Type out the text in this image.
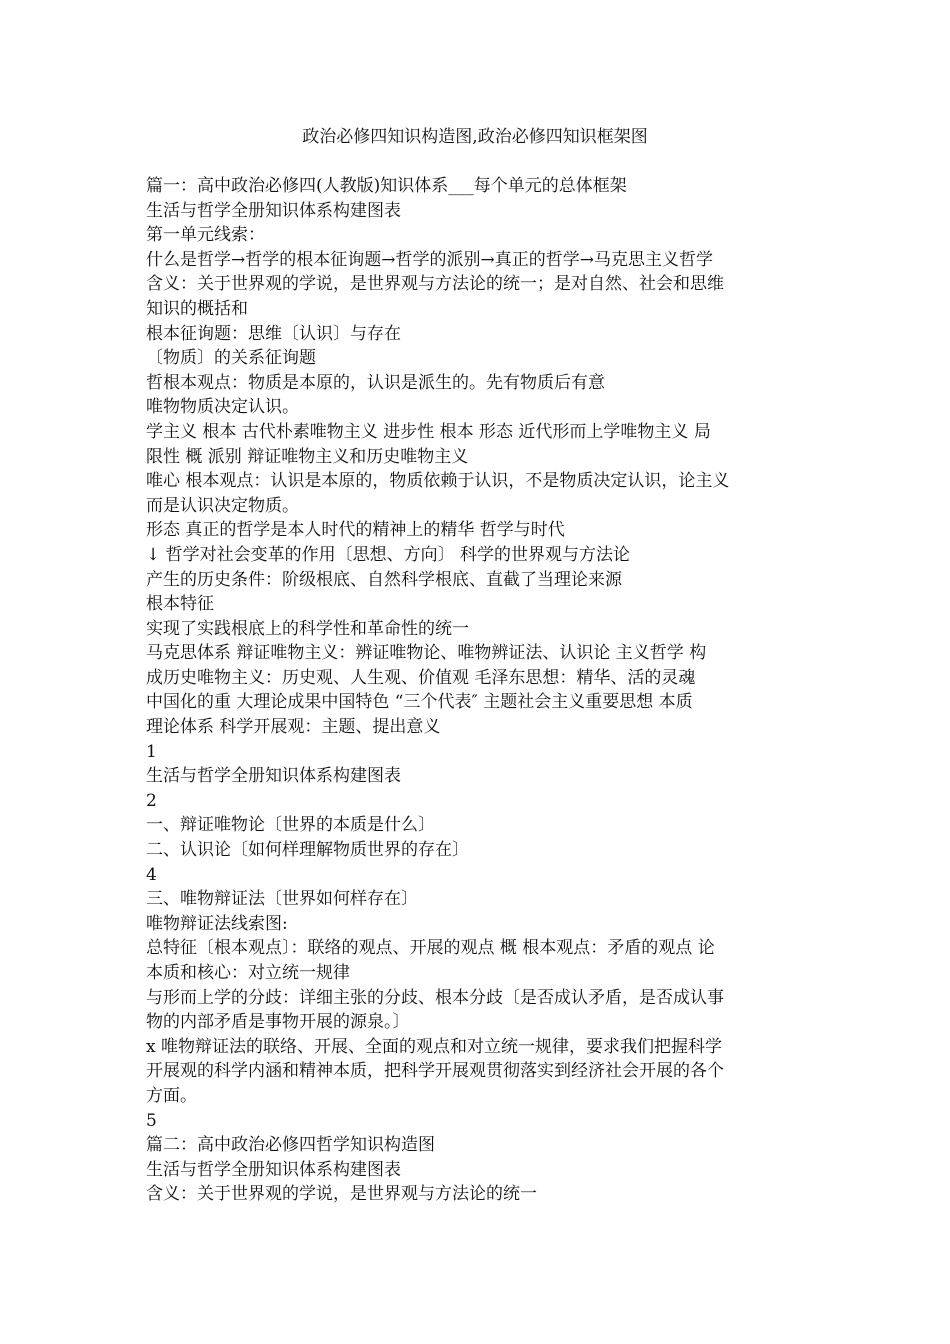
政治必修四知识构造图,政治必修四知识框架图
篇一：高中政治必修四(人教版)知识体系___每个单元的总体框架
生活与哲学全册知识体系构建图表
第一单元线索：
什么是哲学→哲学的根本征询题→哲学的派别→真正的哲学→马克思主义哲学
含义：关于世界观的学说，是世界观与方法论的统一；是对自然、社会和思维
知识的概括和
根本征询题：思维〔认识〕与存在
〔物质〕的关系征询题
哲根本观点：物质是本原的，认识是派生的。先有物质后有意
唯物物质决定认识。
学主义 根本 古代朴素唯物主义 进步性 根本 形态 近代形而上学唯物主义 局
限性 概 派别 辩证唯物主义和历史唯物主义
唯心 根本观点：认识是本原的，物质依赖于认识，不是物质决定认识，论主义
而是认识决定物质。
形态 真正的哲学是本人时代的精神上的精华 哲学与时代
↓ 哲学对社会变革的作用〔思想、方向〕 科学的世界观与方法论
产生的历史条件：阶级根底、自然科学根底、直截了当理论来源
根本特征
实现了实践根底上的科学性和革命性的统一
马克思体系 辩证唯物主义：辨证唯物论、唯物辨证法、认识论 主义哲学 构
成历史唯物主义：历史观、人生观、价值观 毛泽东思想：精华、活的灵魂
中国化的重 大理论成果中国特色 “三个代表″ 主题社会主义重要思想 本质
理论体系 科学开展观：主题、提出意义
1
生活与哲学全册知识体系构建图表
2
一、辩证唯物论〔世界的本质是什么〕
二、认识论〔如何样理解物质世界的存在〕
4
三、唯物辩证法〔世界如何样存在〕
唯物辩证法线索图:
总特征〔根本观点〕：联络的观点、开展的观点 概 根本观点：矛盾的观点 论
本质和核心：对立统一规律
与形而上学的分歧：详细主张的分歧、根本分歧〔是否成认矛盾，是否成认事
物的内部矛盾是事物开展的源泉。〕
x 唯物辩证法的联络、开展、全面的观点和对立统一规律，要求我们把握科学
开展观的科学内涵和精神本质，把科学开展观贯彻落实到经济社会开展的各个
方面。
5
篇二：高中政治必修四哲学知识构造图
生活与哲学全册知识体系构建图表
含义：关于世界观的学说，是世界观与方法论的统一
